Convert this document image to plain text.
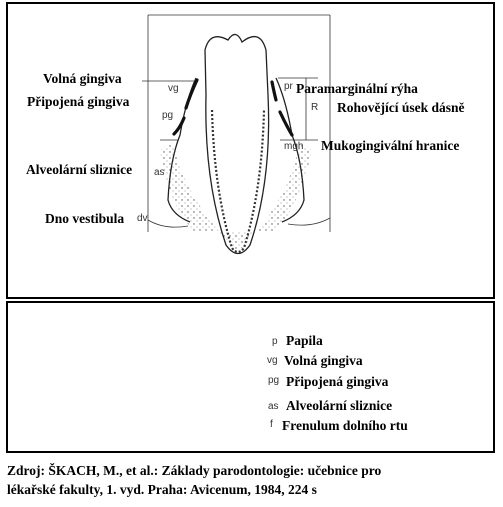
Volná gingiva
Připojená gingiva
Alveolární sliznice
Dno vestibula
vg
pg
as
dv
pr
R
mgh
Paramarginální rýha
Rohovějící úsek dásně
Mukogingivální hranice
p
vg
pg
as
f
Papila
Volná gingiva
Připojená gingiva
Alveolární sliznice
Frenulum dolního rtu
Zdroj: ŠKACH, M., et al.: Základy parodontologie: učebnice pro
lékařské fakulty, 1. vyd. Praha: Avicenum, 1984, 224 s
